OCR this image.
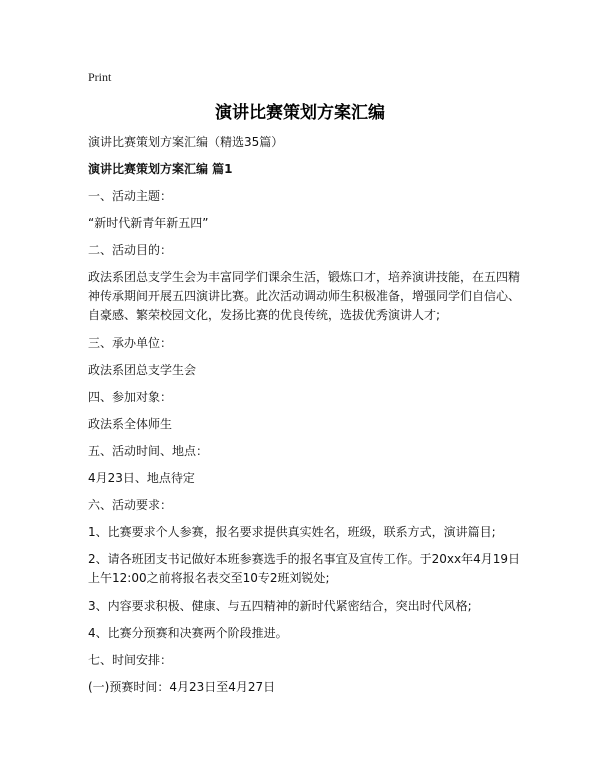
Print
演讲比赛策划方案汇编

演讲比赛策划方案汇编（精选35篇）

演讲比赛策划方案汇编 篇1

一、活动主题：

“新时代新青年新五四”

二、活动目的：

政法系团总支学生会为丰富同学们课余生活，锻炼口才，培养演讲技能，在五四精神传承期间开展五四演讲比赛。此次活动调动师生积极准备，增强同学们自信心、自豪感、繁荣校园文化，发扬比赛的优良传统，选拔优秀演讲人才;

三、承办单位：

政法系团总支学生会

四、参加对象：

政法系全体师生

五、活动时间、地点：

4月23日、地点待定

六、活动要求：

1、比赛要求个人参赛，报名要求提供真实姓名，班级，联系方式，演讲篇目;

2、请各班团支书记做好本班参赛选手的报名事宜及宣传工作。于20xx年4月19日上午12:00之前将报名表交至10专2班刘锐处;

3、内容要求积极、健康、与五四精神的新时代紧密结合，突出时代风格;

4、比赛分预赛和决赛两个阶段推进。

七、时间安排：

(一)预赛时间：4月23日至4月27日
